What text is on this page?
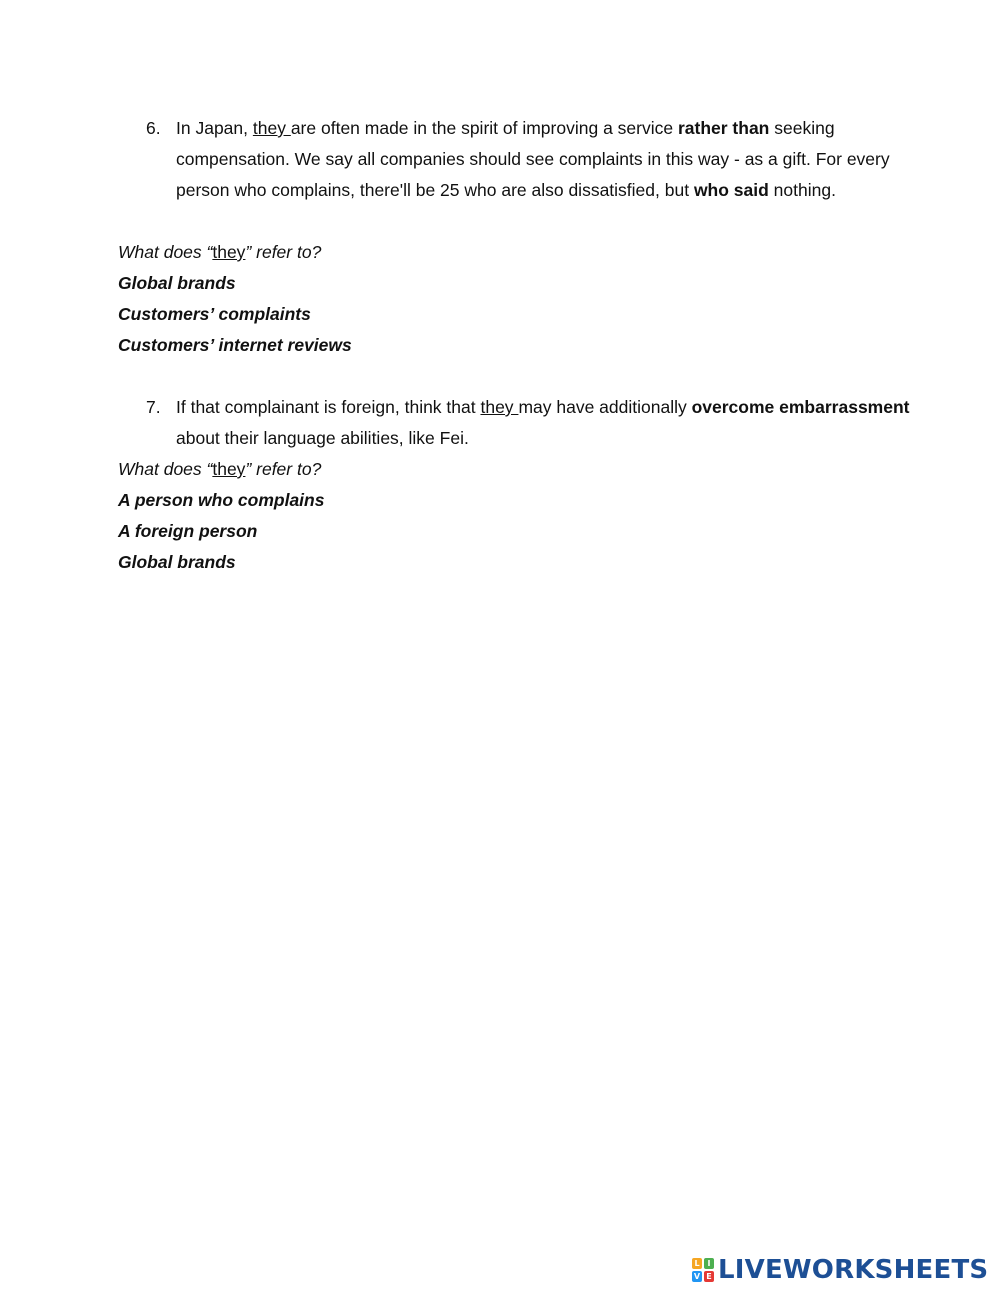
6. In Japan, they are often made in the spirit of improving a service rather than seeking
compensation. We say all companies should see complaints in this way - as a gift. For every
person who complains, there'll be 25 who are also dissatisfied, but who said nothing.
What does “they” refer to?
Global brands
Customers’ complaints
Customers’ internet reviews
7. If that complainant is foreign, think that they may have additionally overcome embarrassment
about their language abilities, like Fei.
What does “they” refer to?
A person who complains
A foreign person
Global brands
L I
V E LIVEWORKSHEETS
